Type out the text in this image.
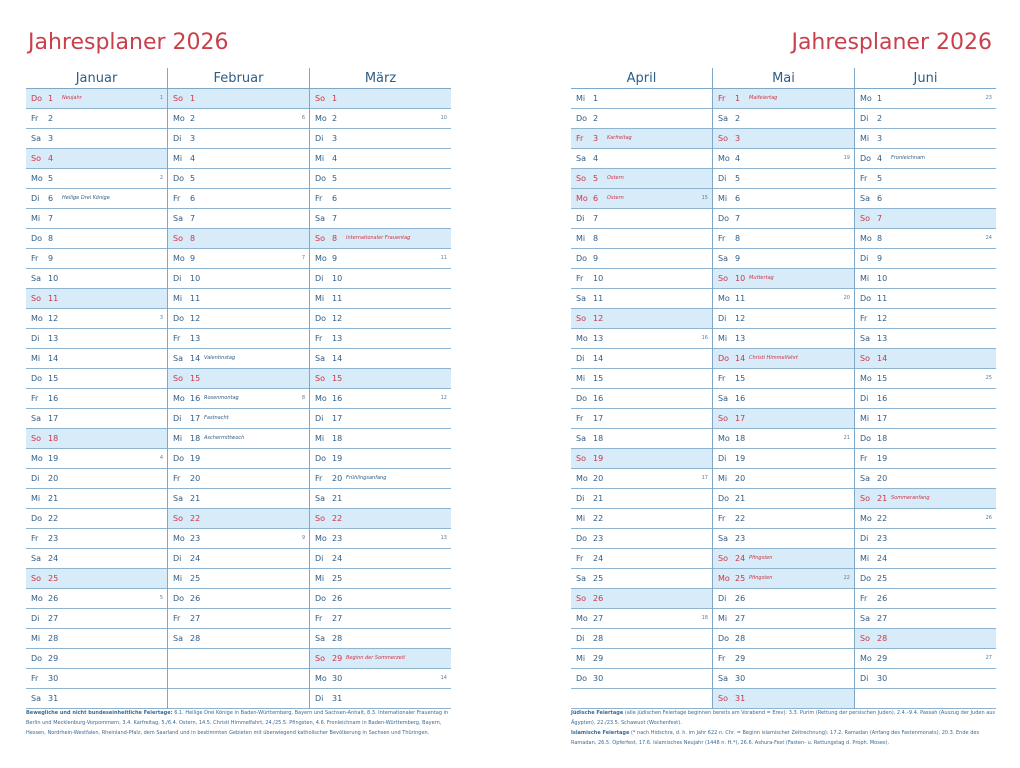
Jahresplaner 2026	Jahresplaner 2026
Januar
Do 1 Neujahr	1
Fr 2
Sa 3
So 4
Mo 5	2
Di 6 Heilige Drei Könige
Mi 7
Do 8
Fr 9
Sa 10
So 11
Mo 12	3
Di 13
Mi 14
Do 15
Fr 16
Sa 17
So 18
Mo 19	4
Di 20
Mi 21
Do 22
Fr 23
Sa 24
So 25
Mo 26	5
Di 27
Mi 28
Do 29
Fr 30
Sa 31
Februar
So 1
Mo 2	6
Di 3
Mi 4
Do 5
Fr 6
Sa 7
So 8
Mo 9	7
Di 10
Mi 11
Do 12
Fr 13
Sa 14 Valentinstag
So 15
Mo 16 Rosenmontag	8
Di 17 Fastnacht
Mi 18 Aschermittwoch
Do 19
Fr 20
Sa 21
So 22
Mo 23	9
Di 24
Mi 25
Do 26
Fr 27
Sa 28
März
So 1
Mo 2	10
Di 3
Mi 4
Do 5
Fr 6
Sa 7
So 8 Internationaler Frauentag
Mo 9	11
Di 10
Mi 11
Do 12
Fr 13
Sa 14
So 15
Mo 16	12
Di 17
Mi 18
Do 19
Fr 20 Frühlingsanfang
Sa 21
So 22
Mo 23	13
Di 24
Mi 25
Do 26
Fr 27
Sa 28
So 29 Beginn der Sommerzeit
Mo 30	14
Di 31
April
Mi 1
Do 2
Fr 3 Karfreitag
Sa 4
So 5 Ostern
Mo 6 Ostern	15
Di 7
Mi 8
Do 9
Fr 10
Sa 11
So 12
Mo 13	16
Di 14
Mi 15
Do 16
Fr 17
Sa 18
So 19
Mo 20	17
Di 21
Mi 22
Do 23
Fr 24
Sa 25
So 26
Mo 27	18
Di 28
Mi 29
Do 30
Mai
Fr 1 Maifeiertag
Sa 2
So 3
Mo 4	19
Di 5
Mi 6
Do 7
Fr 8
Sa 9
So 10 Muttertag
Mo 11	20
Di 12
Mi 13
Do 14 Christi Himmelfahrt
Fr 15
Sa 16
So 17
Mo 18	21
Di 19
Mi 20
Do 21
Fr 22
Sa 23
So 24 Pfingsten
Mo 25 Pfingsten	22
Di 26
Mi 27
Do 28
Fr 29
Sa 30
So 31
Juni
Mo 1	23
Di 2
Mi 3
Do 4 Fronleichnam
Fr 5
Sa 6
So 7
Mo 8	24
Di 9
Mi 10
Do 11
Fr 12
Sa 13
So 14
Mo 15	25
Di 16
Mi 17
Do 18
Fr 19
Sa 20
So 21 Sommeranfang
Mo 22	26
Di 23
Mi 24
Do 25
Fr 26
Sa 27
So 28
Mo 29	27
Di 30
Bewegliche und nicht bundeseinheitliche Feiertage: 6.1. Heilige Drei Könige in Baden-Württemberg, Bayern und Sachsen-Anhalt, 8.3. Internationaler Frauentag in Berlin und Mecklenburg-Vorpommern, 3.4. Karfreitag, 5./6.4. Ostern, 14.5. Christi Himmelfahrt, 24./25.5. Pfingsten, 4.6. Fronleichnam in Baden-Württemberg, Bayern, Hessen, Nordrhein-Westfalen, Rheinland-Pfalz, dem Saarland und in bestimmten Gebieten mit überwiegend katholischer Bevölkerung in Sachsen und Thüringen.
Jüdische Feiertage (alle jüdischen Feiertage beginnen bereits am Vorabend = Erev): 3.3. Purim (Rettung der persischen Juden), 2.4.–9.4. Passah (Auszug der Juden aus Ägypten), 22./23.5. Schawuot (Wochenfest).
Islamische Feiertage (* nach Hidschra, d. h. im Jahr 622 n. Chr. = Beginn islamischer Zeitrechnung): 17.2. Ramadan (Anfang des Fastenmonats), 20.3. Ende des Ramadan, 26.5. Opferfest, 17.6. Islamisches Neujahr (1448 n. H.*), 26.6. Ashura-Fest (Fasten- u. Rettungstag d. Proph. Moses).
